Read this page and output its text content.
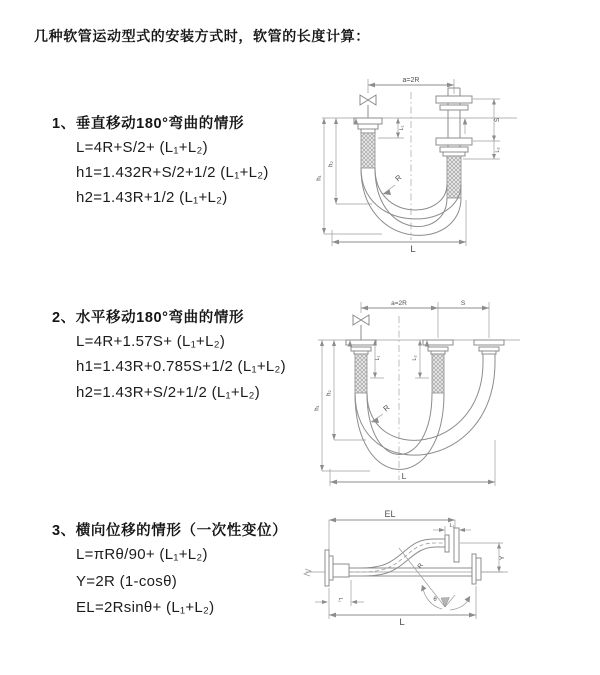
几种软管运动型式的安装方式时，软管的长度计算：
1、垂直移动180°弯曲的情形
L=4R+S/2+ (L₁+L₂)
h1=1.432R+S/2+1/2 (L₁+L₂)
h2=1.43R+1/2 (L₁+L₂)
2、水平移动180°弯曲的情形
L=4R+1.57S+ (L₁+L₂)
h1=1.43R+0.785S+1/2 (L₁+L₂)
h2=1.43R+S/2+1/2 (L₁+L₂)
3、横向位移的情形（一次性变位）
L=πRθ/90+ (L₁+L₂)
Y=2R (1-cosθ)
EL=2Rsinθ+ (L₁+L₂)
a=2R
L₁
h₁
h₂
S
L₂
R
L
a=2R	S
L₁	L₂
h₁
h₂
R
L
EL
L₁
Y
θ
R
L₁
L
